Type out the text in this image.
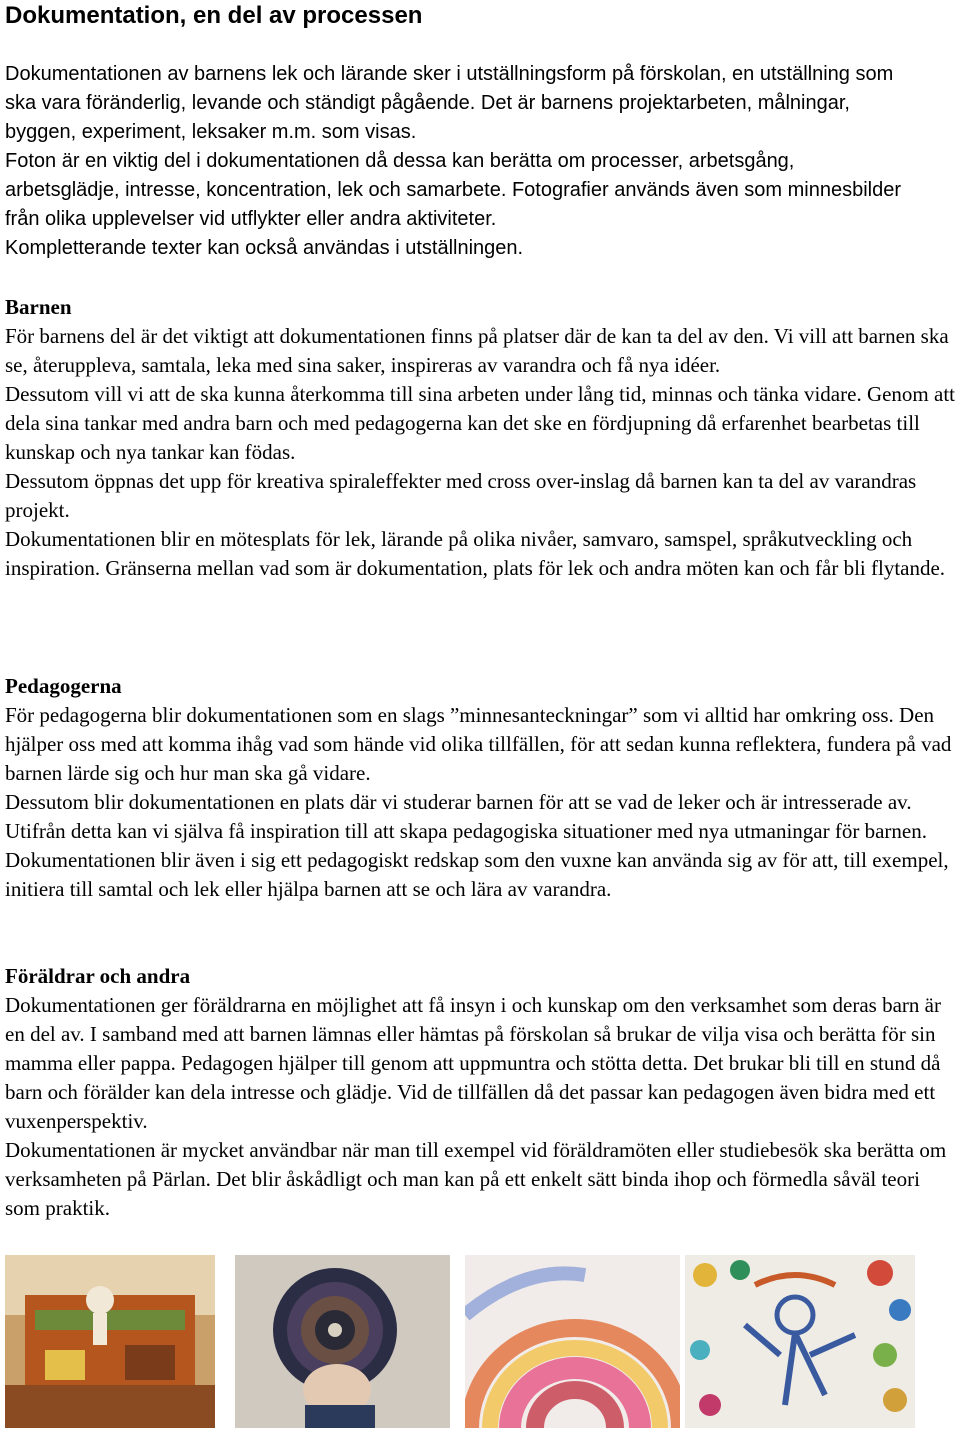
Dokumentation, en del av processen

Dokumentationen av barnens lek och lärande sker i utställningsform på förskolan, en utställning som ska vara föränderlig, levande och ständigt pågående. Det är barnens projektarbeten, målningar, byggen, experiment, leksaker m.m. som visas.

Foton är en viktig del i dokumentationen då dessa kan berätta om processer, arbetsgång, arbetsglädje, intresse, koncentration, lek och samarbete. Fotografier används även som minnesbilder från olika upplevelser vid utflykter eller andra aktiviteter.

Kompletterande texter kan också användas i utställningen.

Barnen

För barnens del är det viktigt att dokumentationen finns på platser där de kan ta del av den. Vi vill att barnen ska se, återuppleva, samtala, leka med sina saker, inspireras av varandra och få nya idéer.

Dessutom vill vi att de ska kunna återkomma till sina arbeten under lång tid, minnas och tänka vidare. Genom att dela sina tankar med andra barn och med pedagogerna kan det ske en fördjupning då erfarenhet bearbetas till kunskap och nya tankar kan födas.

Dessutom öppnas det upp för kreativa spiraleffekter med cross over-inslag då barnen kan ta del av varandras projekt.

Dokumentationen blir en mötesplats för lek, lärande på olika nivåer, samvaro, samspel, språkutveckling och inspiration. Gränserna mellan vad som är dokumentation, plats för lek och andra möten kan och får bli flytande.

Pedagogerna

För pedagogerna blir dokumentationen som en slags ”minnesanteckningar” som vi alltid har omkring oss. Den hjälper oss med att komma ihåg vad som hände vid olika tillfällen, för att sedan kunna reflektera, fundera på vad barnen lärde sig och hur man ska gå vidare.

Dessutom blir dokumentationen en plats där vi studerar barnen för att se vad de leker och är intresserade av. Utifrån detta kan vi själva få inspiration till att skapa pedagogiska situationer med nya utmaningar för barnen.

Dokumentationen blir även i sig ett pedagogiskt redskap som den vuxne kan använda sig av för att, till exempel, initiera till samtal och lek eller hjälpa barnen att se och lära av varandra.

Föräldrar och andra

Dokumentationen ger föräldrarna en möjlighet att få insyn i och kunskap om den verksamhet som deras barn är en del av. I samband med att barnen lämnas eller hämtas på förskolan så brukar de vilja visa och berätta för sin mamma eller pappa. Pedagogen hjälper till genom att uppmuntra och stötta detta. Det brukar bli till en stund då barn och förälder kan dela intresse och glädje. Vid de tillfällen då det passar kan pedagogen även bidra med ett vuxenperspektiv.

Dokumentationen är mycket användbar när man till exempel vid föräldramöten eller studiebesök ska berätta om verksamheten på Pärlan. Det blir åskådligt och man kan på ett enkelt sätt binda ihop och förmedla såväl teori som praktik.
